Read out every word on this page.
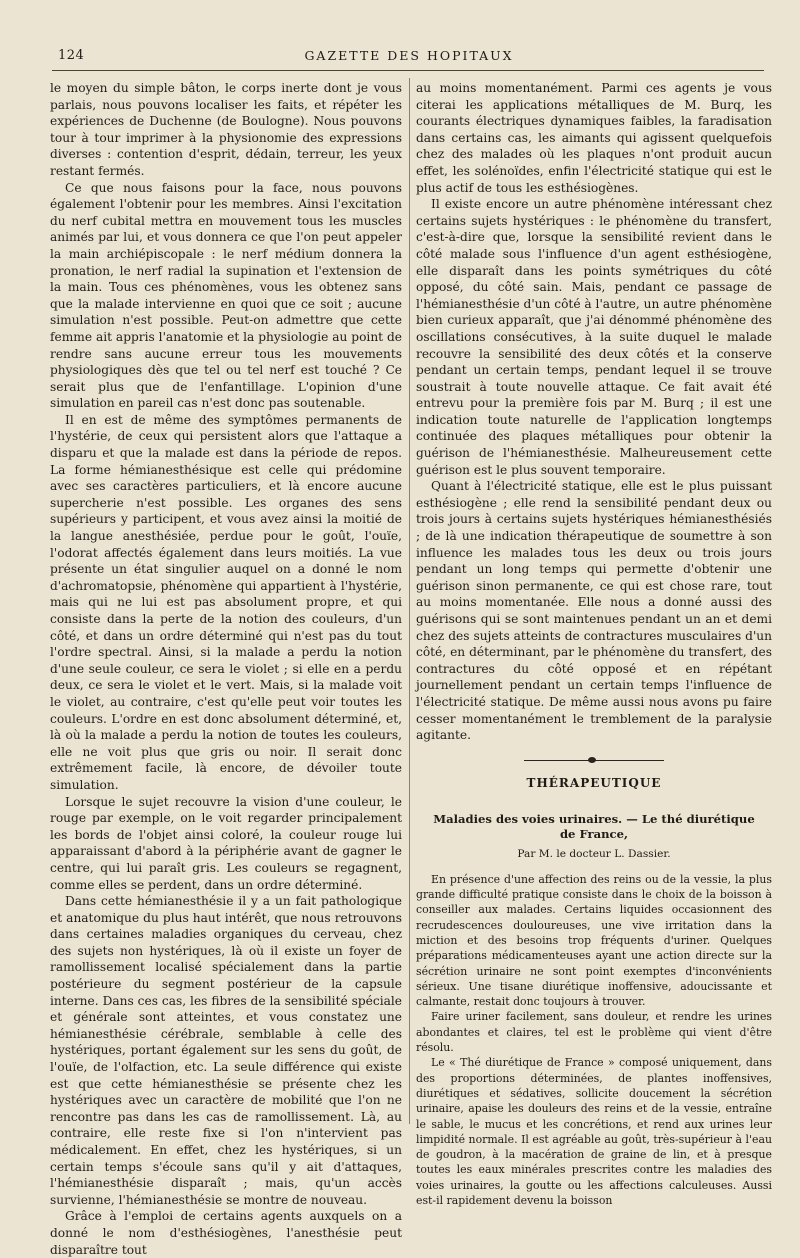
124	GAZETTE DES HOPITAUX

le moyen du simple bâton, le corps inerte dont je vous parlais, nous pouvons localiser les faits, et répéter les expériences de Duchenne (de Boulogne). Nous pouvons tour à tour imprimer à la physionomie des expressions diverses : contention d'esprit, dédain, terreur, les yeux restant fermés.

Ce que nous faisons pour la face, nous pouvons également l'obtenir pour les membres. Ainsi l'excitation du nerf cubital mettra en mouvement tous les muscles animés par lui, et vous donnera ce que l'on peut appeler la main archiépiscopale : le nerf médium donnera la pronation, le nerf radial la supination et l'extension de la main. Tous ces phénomènes, vous les obtenez sans que la malade intervienne en quoi que ce soit ; aucune simulation n'est possible. Peut-on admettre que cette femme ait appris l'anatomie et la physiologie au point de rendre sans aucune erreur tous les mouvements physiologiques dès que tel ou tel nerf est touché ? Ce serait plus que de l'enfantillage. L'opinion d'une simulation en pareil cas n'est donc pas soutenable.

Il en est de même des symptômes permanents de l'hystérie, de ceux qui persistent alors que l'attaque a disparu et que la malade est dans la période de repos. La forme hémianesthésique est celle qui prédomine avec ses caractères particuliers, et là encore aucune supercherie n'est possible. Les organes des sens supérieurs y participent, et vous avez ainsi la moitié de la langue anesthésiée, perdue pour le goût, l'ouïe, l'odorat affectés également dans leurs moitiés. La vue présente un état singulier auquel on a donné le nom d'achromatopsie, phénomène qui appartient à l'hystérie, mais qui ne lui est pas absolument propre, et qui consiste dans la perte de la notion des couleurs, d'un côté, et dans un ordre déterminé qui n'est pas du tout l'ordre spectral. Ainsi, si la malade a perdu la notion d'une seule couleur, ce sera le violet ; si elle en a perdu deux, ce sera le violet et le vert. Mais, si la malade voit le violet, au contraire, c'est qu'elle peut voir toutes les couleurs. L'ordre en est donc absolument déterminé, et, là où la malade a perdu la notion de toutes les couleurs, elle ne voit plus que gris ou noir. Il serait donc extrêmement facile, là encore, de dévoiler toute simulation.

Lorsque le sujet recouvre la vision d'une couleur, le rouge par exemple, on le voit regarder principalement les bords de l'objet ainsi coloré, la couleur rouge lui apparaissant d'abord à la périphérie avant de gagner le centre, qui lui paraît gris. Les couleurs se regagnent, comme elles se perdent, dans un ordre déterminé.

Dans cette hémianesthésie il y a un fait pathologique et anatomique du plus haut intérêt, que nous retrouvons dans certaines maladies organiques du cerveau, chez des sujets non hystériques, là où il existe un foyer de ramollissement localisé spécialement dans la partie postérieure du segment postérieur de la capsule interne. Dans ces cas, les fibres de la sensibilité spéciale et générale sont atteintes, et vous constatez une hémianesthésie cérébrale, semblable à celle des hystériques, portant également sur les sens du goût, de l'ouïe, de l'olfaction, etc. La seule différence qui existe est que cette hémianesthésie se présente chez les hystériques avec un caractère de mobilité que l'on ne rencontre pas dans les cas de ramollissement. Là, au contraire, elle reste fixe si l'on n'intervient pas médicalement. En effet, chez les hystériques, si un certain temps s'écoule sans qu'il y ait d'attaques, l'hémianesthésie disparaît ; mais, qu'un accès survienne, l'hémianesthésie se montre de nouveau.

Grâce à l'emploi de certains agents auxquels on a donné le nom d'esthésiogènes, l'anesthésie peut disparaître tout

au moins momentanément. Parmi ces agents je vous citerai les applications métalliques de M. Burq, les courants électriques dynamiques faibles, la faradisation dans certains cas, les aimants qui agissent quelquefois chez des malades où les plaques n'ont produit aucun effet, les solénoïdes, enfin l'électricité statique qui est le plus actif de tous les esthésiogènes.

Il existe encore un autre phénomène intéressant chez certains sujets hystériques : le phénomène du transfert, c'est-à-dire que, lorsque la sensibilité revient dans le côté malade sous l'influence d'un agent esthésiogène, elle disparaît dans les points symétriques du côté opposé, du côté sain. Mais, pendant ce passage de l'hémianesthésie d'un côté à l'autre, un autre phénomène bien curieux apparaît, que j'ai dénommé phénomène des oscillations consécutives, à la suite duquel le malade recouvre la sensibilité des deux côtés et la conserve pendant un certain temps, pendant lequel il se trouve soustrait à toute nouvelle attaque. Ce fait avait été entrevu pour la première fois par M. Burq ; il est une indication toute naturelle de l'application longtemps continuée des plaques métalliques pour obtenir la guérison de l'hémianesthésie. Malheureusement cette guérison est le plus souvent temporaire.

Quant à l'électricité statique, elle est le plus puissant esthésiogène ; elle rend la sensibilité pendant deux ou trois jours à certains sujets hystériques hémianesthésiés ; de là une indication thérapeutique de soumettre à son influence les malades tous les deux ou trois jours pendant un long temps qui permette d'obtenir une guérison sinon permanente, ce qui est chose rare, tout au moins momentanée. Elle nous a donné aussi des guérisons qui se sont maintenues pendant un an et demi chez des sujets atteints de contractures musculaires d'un côté, en déterminant, par le phénomène du transfert, des contractures du côté opposé et en répétant journellement pendant un certain temps l'influence de l'électricité statique. De même aussi nous avons pu faire cesser momentanément le tremblement de la paralysie agitante.

THÉRAPEUTIQUE
Maladies des voies urinaires. — Le thé diurétique
de France,
Par M. le docteur L. Dassier.

En présence d'une affection des reins ou de la vessie, la plus grande difficulté pratique consiste dans le choix de la boisson à conseiller aux malades. Certains liquides occasionnent des recrudescences douloureuses, une vive irritation dans la miction et des besoins trop fréquents d'uriner. Quelques préparations médicamenteuses ayant une action directe sur la sécrétion urinaire ne sont point exemptes d'inconvénients sérieux. Une tisane diurétique inoffensive, adoucissante et calmante, restait donc toujours à trouver.

Faire uriner facilement, sans douleur, et rendre les urines abondantes et claires, tel est le problème qui vient d'être résolu.

Le « Thé diurétique de France » composé uniquement, dans des proportions déterminées, de plantes inoffensives, diurétiques et sédatives, sollicite doucement la sécrétion urinaire, apaise les douleurs des reins et de la vessie, entraîne le sable, le mucus et les concrétions, et rend aux urines leur limpidité normale. Il est agréable au goût, très-supérieur à l'eau de goudron, à la macération de graine de lin, et à presque toutes les eaux minérales prescrites contre les maladies des voies urinaires, la goutte ou les affections calculeuses. Aussi est-il rapidement devenu la boisson
